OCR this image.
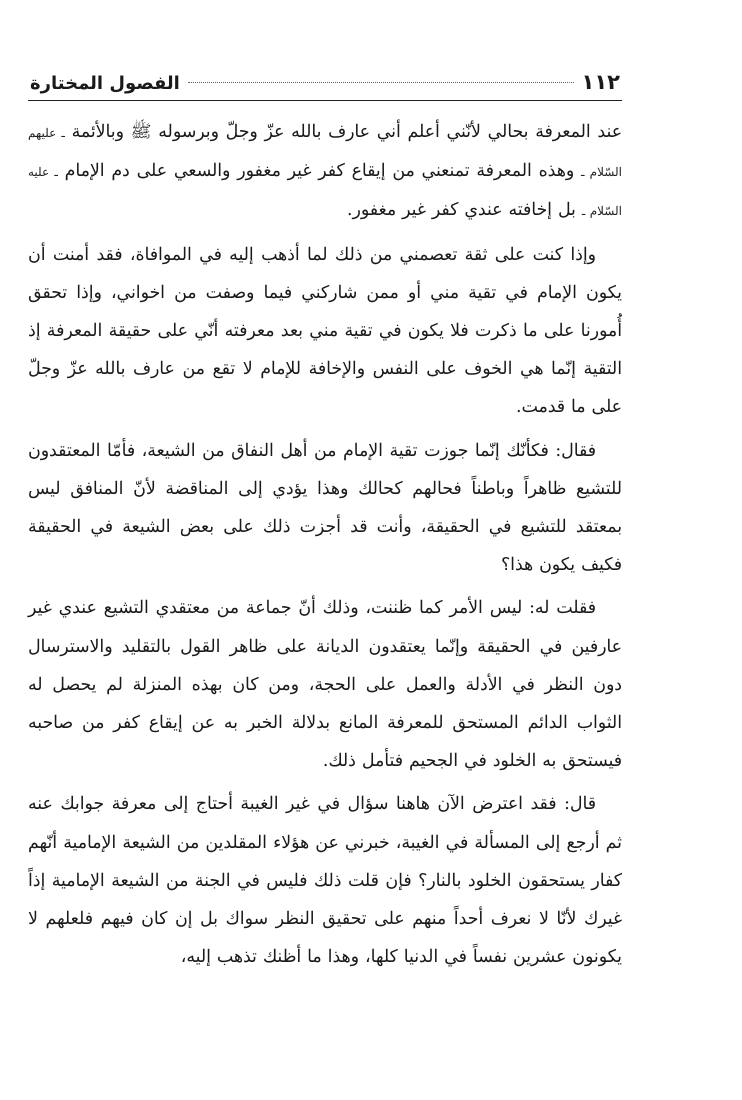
١١٢
الفصول المختارة

عند المعرفة بحالي لأنّني أعلم أني عارف بالله عزّ وجلّ وبرسوله ﷺ وبالأئمة ـ عليهم السّلام ـ وهذه المعرفة تمنعني من إيقاع كفر غير مغفور والسعي على دم الإمام ـ عليه السّلام ـ بل إخافته عندي كفر غير مغفور.

وإذا كنت على ثقة تعصمني من ذلك لما أذهب إليه في الموافاة، فقد أمنت أن يكون الإمام في تقية مني أو ممن شاركني فيما وصفت من اخواني، وإذا تحقق أُمورنا على ما ذكرت فلا يكون في تقية مني بعد معرفته أنّي على حقيقة المعرفة إذ التقية إنّما هي الخوف على النفس والإخافة للإمام لا تقع من عارف بالله عزّ وجلّ على ما قدمت.

فقال: فكأنّك إنّما جوزت تقية الإمام من أهل النفاق من الشيعة، فأمّا المعتقدون للتشيع ظاهراً وباطناً فحالهم كحالك وهذا يؤدي إلى المناقضة لأنّ المنافق ليس بمعتقد للتشيع في الحقيقة، وأنت قد أجزت ذلك على بعض الشيعة في الحقيقة فكيف يكون هذا؟

فقلت له: ليس الأمر كما ظننت، وذلك أنّ جماعة من معتقدي التشيع عندي غير عارفين في الحقيقة وإنّما يعتقدون الديانة على ظاهر القول بالتقليد والاسترسال دون النظر في الأدلة والعمل على الحجة، ومن كان بهذه المنزلة لم يحصل له الثواب الدائم المستحق للمعرفة المانع بدلالة الخبر به عن إيقاع كفر من صاحبه فيستحق به الخلود في الجحيم فتأمل ذلك.

قال: فقد اعترض الآن هاهنا سؤال في غير الغيبة أحتاج إلى معرفة جوابك عنه ثم أرجع إلى المسألة في الغيبة، خبرني عن هؤلاء المقلدين من الشيعة الإمامية أنّهم كفار يستحقون الخلود بالنار؟ فإن قلت ذلك فليس في الجنة من الشيعة الإمامية إذاً غيرك لأنّا لا نعرف أحداً منهم على تحقيق النظر سواك بل إن كان فيهم فلعلهم لا يكونون عشرين نفساً في الدنيا كلها، وهذا ما أظنك تذهب إليه،
